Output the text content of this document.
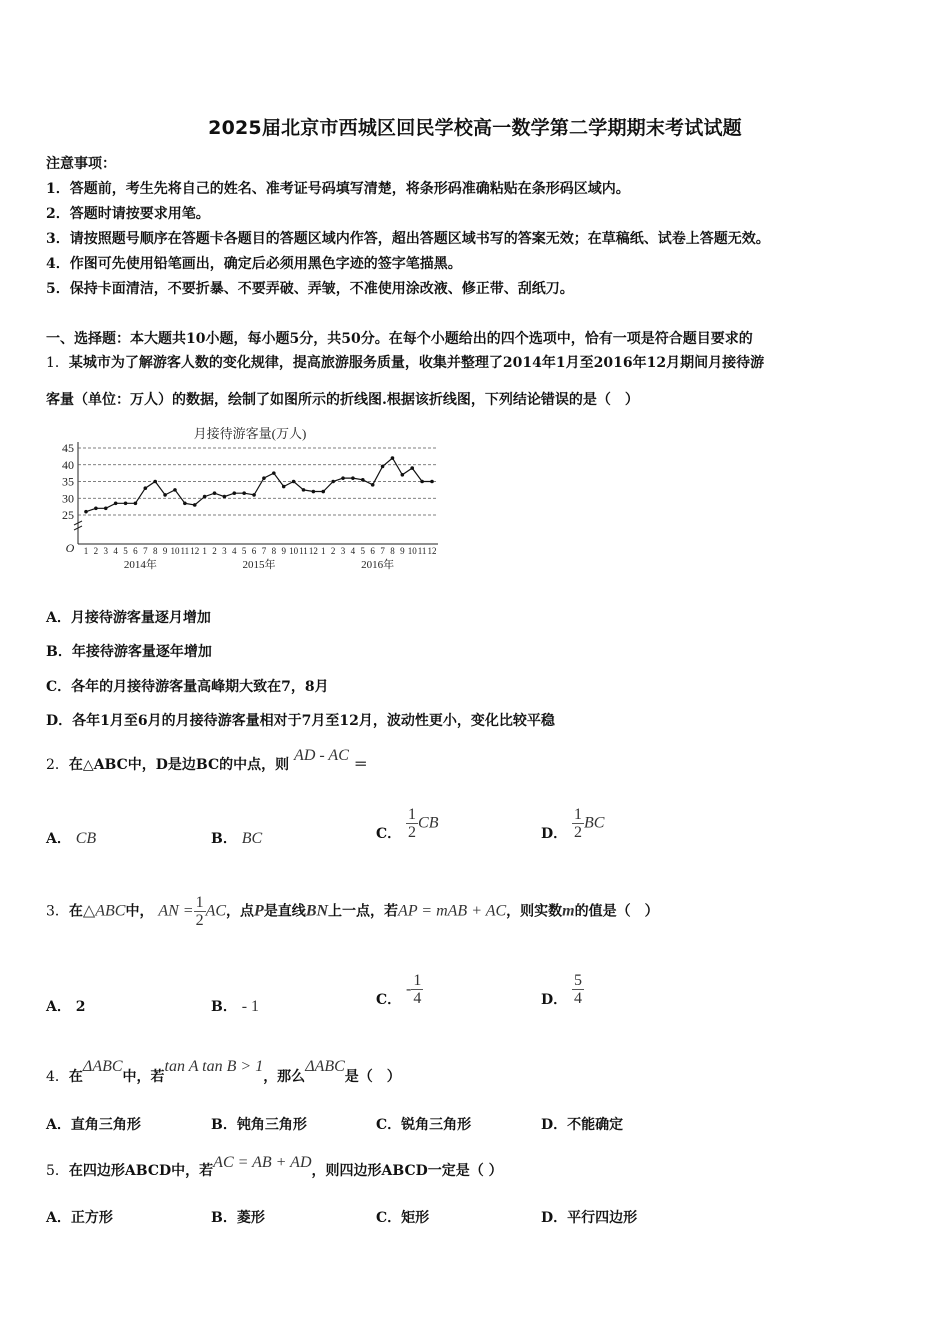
2025届北京市西城区回民学校高一数学第二学期期末考试试题
注意事项：
1．答题前，考生先将自己的姓名、准考证号码填写清楚，将条形码准确粘贴在条形码区域内。
2．答题时请按要求用笔。
3．请按照题号顺序在答题卡各题目的答题区域内作答，超出答题区域书写的答案无效；在草稿纸、试卷上答题无效。
4．作图可先使用铅笔画出，确定后必须用黑色字迹的签字笔描黑。
5．保持卡面清洁，不要折暴、不要弄破、弄皱，不准使用涂改液、修正带、刮纸刀。
一、选择题：本大题共10小题，每小题5分，共50分。在每个小题给出的四个选项中，恰有一项是符合题目要求的
1．某城市为了解游客人数的变化规律，提高旅游服务质量，收集并整理了2014年1月至2016年12月期间月接待游
客量（单位：万人）的数据，绘制了如图所示的折线图.根据该折线图，下列结论错误的是（　）
月接待游客量(万人)
O
25
30
35
40
45
1 2 3 4 5 6 7 8 9 10 11 12 1 2 3 4 5 6 7 8 9 10 11 12 1 2 3 4 5 6 7 8 9 10 11 12
2014年	2015年	2016年
A．月接待游客量逐月增加
B．年接待游客量逐年增加
C．各年的月接待游客量高峰期大致在7，8月
D．各年1月至6月的月接待游客量相对于7月至12月，波动性更小，变化比较平稳
2．在△ABC中，D是边BC的中点，则 AD - AC ＝
A． CB	B． BC	C． $\frac{1}{2}$ CB
D． $\frac{1}{2}$ BC
3．在△ABC中， AN = $\frac{1}{2}$ AC，点P是直线BN上一点，若AP = mAB + AC，则实数m的值是（　）
A． 2	B． - 1	C． - $\frac{1}{4}$	D． $\frac{5}{4}$
4．在ΔABC中，若tan A tan B > 1，那么ΔABC是（　）
A．直角三角形	B．钝角三角形	C．锐角三角形	D．不能确定
5．在四边形ABCD中，若AC = AB + AD，则四边形ABCD一定是（ ）
A．正方形	B．菱形	C．矩形	D．平行四边形
